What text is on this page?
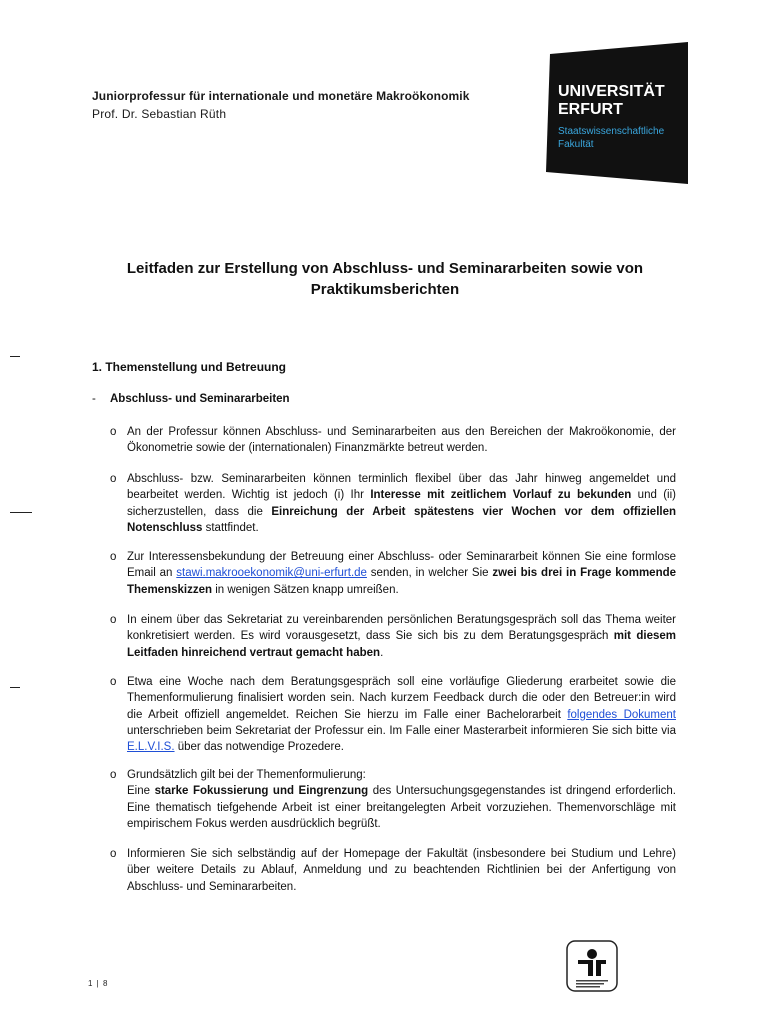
Juniorprofessur für internationale und monetäre Makroökonomik
Prof. Dr. Sebastian Rüth
UNIVERSITÄT
ERFURT
Staatswissenschaftliche
Fakultät
Leitfaden zur Erstellung von Abschluss- und Seminararbeiten sowie von Praktikumsberichten
1. Themenstellung und Betreuung
- Abschluss- und Seminararbeiten
o An der Professur können Abschluss- und Seminararbeiten aus den Bereichen der Makroökonomie, der Ökonometrie sowie der (internationalen) Finanzmärkte betreut werden.
o Abschluss- bzw. Seminararbeiten können terminlich flexibel über das Jahr hinweg angemeldet und bearbeitet werden. Wichtig ist jedoch (i) Ihr Interesse mit zeitlichem Vorlauf zu bekunden und (ii) sicherzustellen, dass die Einreichung der Arbeit spätestens vier Wochen vor dem offiziellen Notenschluss stattfindet.
o Zur Interessensbekundung der Betreuung einer Abschluss- oder Seminararbeit können Sie eine formlose Email an stawi.makrooekonomik@uni-erfurt.de senden, in welcher Sie zwei bis drei in Frage kommende Themenskizzen in wenigen Sätzen knapp umreißen.
o In einem über das Sekretariat zu vereinbarenden persönlichen Beratungsgespräch soll das Thema weiter konkretisiert werden. Es wird vorausgesetzt, dass Sie sich bis zu dem Beratungsgespräch mit diesem Leitfaden hinreichend vertraut gemacht haben.
o Etwa eine Woche nach dem Beratungsgespräch soll eine vorläufige Gliederung erarbeitet sowie die Themenformulierung finalisiert worden sein. Nach kurzem Feedback durch die oder den Betreuer:in wird die Arbeit offiziell angemeldet. Reichen Sie hierzu im Falle einer Bachelorarbeit folgendes Dokument unterschrieben beim Sekretariat der Professur ein. Im Falle einer Masterarbeit informieren Sie sich bitte via E.L.V.I.S. über das notwendige Prozedere.
o Grundsätzlich gilt bei der Themenformulierung:
Eine starke Fokussierung und Eingrenzung des Untersuchungsgegenstandes ist dringend erforderlich. Eine thematisch tiefgehende Arbeit ist einer breitangelegten Arbeit vorzuziehen. Themenvorschläge mit empirischem Fokus werden ausdrücklich begrüßt.
o Informieren Sie sich selbständig auf der Homepage der Fakultät (insbesondere bei Studium und Lehre) über weitere Details zu Ablauf, Anmeldung und zu beachtenden Richtlinien bei der Anfertigung von Abschluss- und Seminararbeiten.
1 | 8
